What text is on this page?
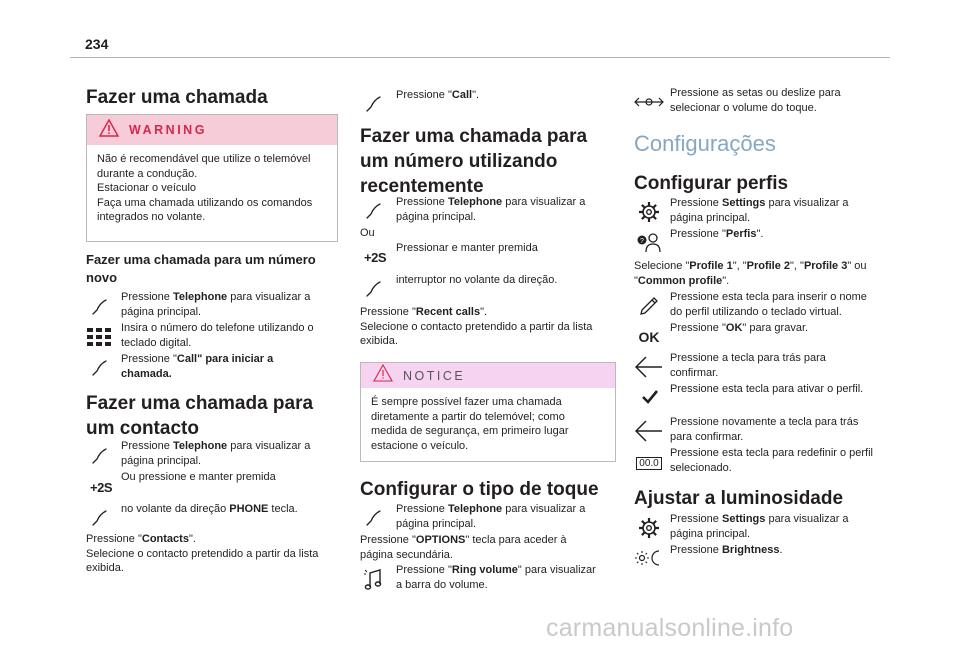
234
Fazer uma chamada
WARNING
Não é recomendável que utilize o telemóvel
durante a condução.
Estacionar o veículo
Faça uma chamada utilizando os comandos
integrados no volante.
Fazer uma chamada para um número
novo
Pressione Telephone para visualizar a
página principal.
Insira o número do telefone utilizando o
teclado digital.
Pressione "Call" para iniciar a
chamada.
Fazer uma chamada para
um contacto
Pressione Telephone para visualizar a
página principal.
+2S
Ou pressione e manter premida
no volante da direção PHONE tecla.
Pressione "Contacts".
Selecione o contacto pretendido a partir da lista
exibida.
Pressione "Call".
Fazer uma chamada para
um número utilizando
recentemente
Pressione Telephone para visualizar a
página principal.
Ou
+2S
Pressionar e manter premida
interruptor no volante da direção.
Pressione "Recent calls".
Selecione o contacto pretendido a partir da lista
exibida.
NOTICE
É sempre possível fazer uma chamada
diretamente a partir do telemóvel; como
medida de segurança, em primeiro lugar
estacione o veículo.
Configurar o tipo de toque
Pressione Telephone para visualizar a
página principal.
Pressione "OPTIONS" tecla para aceder à
página secundária.
Pressione "Ring volume" para visualizar
a barra do volume.
Pressione as setas ou deslize para
selecionar o volume do toque.
Configurações
Configurar perfis
Pressione Settings para visualizar a
página principal.
?
Pressione "Perfis".
Selecione "Profile 1", "Profile 2", "Profile 3" ou
"Common profile".
Pressione esta tecla para inserir o nome
do perfil utilizando o teclado virtual.
OK
Pressione "OK" para gravar.
Pressione a tecla para trás para
confirmar.
Pressione esta tecla para ativar o perfil.
Pressione novamente a tecla para trás
para confirmar.
00.0
Pressione esta tecla para redefinir o perfil
selecionado.
Ajustar a luminosidade
Pressione Settings para visualizar a
página principal.
Pressione Brightness.
carmanualsonline.info
